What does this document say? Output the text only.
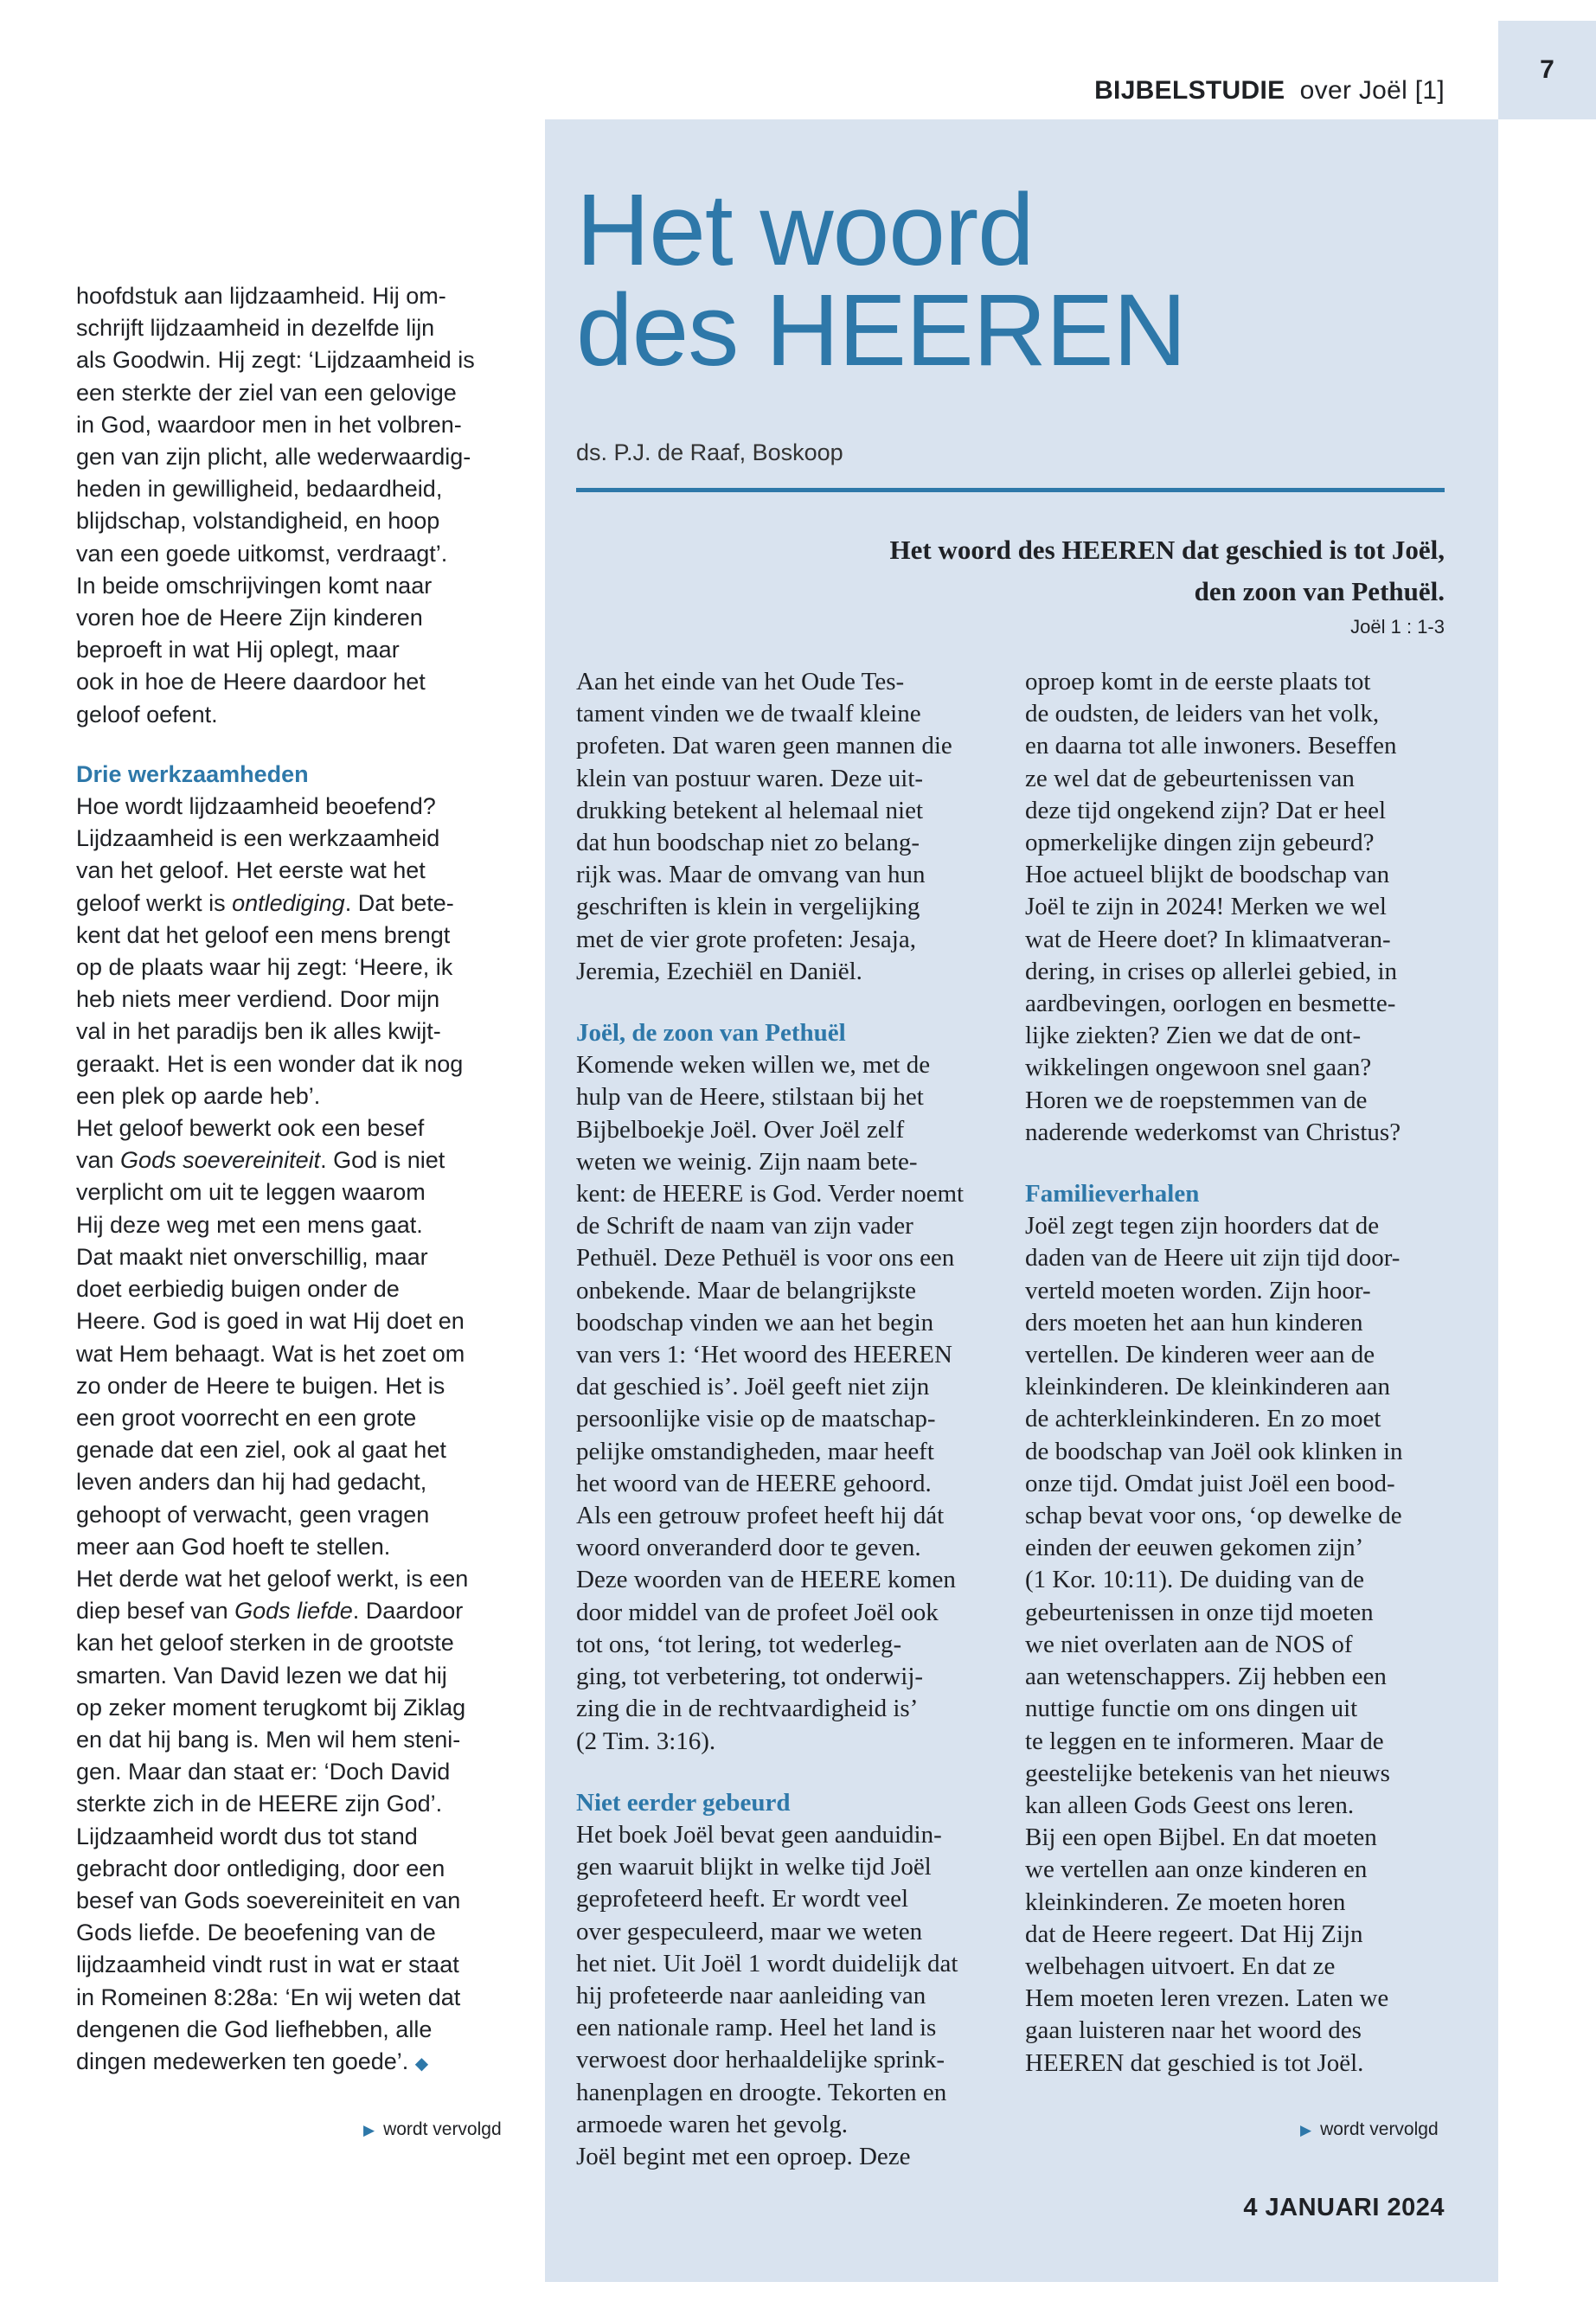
7
BIJBELSTUDIE over Joël [1]

hoofdstuk aan lijdzaamheid. Hij om-
schrijft lijdzaamheid in dezelfde lijn
als Goodwin. Hij zegt: ‘Lijdzaamheid is
een sterkte der ziel van een gelovige
in God, waardoor men in het volbren-
gen van zijn plicht, alle wederwaardig-
heden in gewilligheid, bedaardheid,
blijdschap, volstandigheid, en hoop
van een goede uitkomst, verdraagt’.
In beide omschrijvingen komt naar
voren hoe de Heere Zijn kinderen
beproeft in wat Hij oplegt, maar
ook in hoe de Heere daardoor het
geloof oefent.

Drie werkzaamheden

Hoe wordt lijdzaamheid beoefend?
Lijdzaamheid is een werkzaamheid
van het geloof. Het eerste wat het
geloof werkt is ontlediging. Dat bete-
kent dat het geloof een mens brengt
op de plaats waar hij zegt: ‘Heere, ik
heb niets meer verdiend. Door mijn
val in het paradijs ben ik alles kwijt-
geraakt. Het is een wonder dat ik nog
een plek op aarde heb’.

Het geloof bewerkt ook een besef
van Gods soevereiniteit. God is niet
verplicht om uit te leggen waarom
Hij deze weg met een mens gaat.
Dat maakt niet onverschillig, maar
doet eerbiedig buigen onder de
Heere. God is goed in wat Hij doet en
wat Hem behaagt. Wat is het zoet om
zo onder de Heere te buigen. Het is
een groot voorrecht en een grote
genade dat een ziel, ook al gaat het
leven anders dan hij had gedacht,
gehoopt of verwacht, geen vragen
meer aan God hoeft te stellen.

Het derde wat het geloof werkt, is een
diep besef van Gods liefde. Daardoor
kan het geloof sterken in de grootste
smarten. Van David lezen we dat hij
op zeker moment terugkomt bij Ziklag
en dat hij bang is. Men wil hem steni-
gen. Maar dan staat er: ‘Doch David
sterkte zich in de HEERE zijn God’.
Lijdzaamheid wordt dus tot stand
gebracht door ontlediging, door een
besef van Gods soevereiniteit en van
Gods liefde. De beoefening van de
lijdzaamheid vindt rust in wat er staat
in Romeinen 8:28a: ‘En wij weten dat
dengenen die God liefhebben, alle
dingen medewerken ten goede’. ◆

▶ wordt vervolgd
Het woord
des HEEREN
ds. P.J. de Raaf, Boskoop
Het woord des HEEREN dat geschied is tot Joël,
den zoon van Pethuël.
Joël 1 : 1-3

Aan het einde van het Oude Tes-
tament vinden we de twaalf kleine
profeten. Dat waren geen mannen die
klein van postuur waren. Deze uit-
drukking betekent al helemaal niet
dat hun boodschap niet zo belang-
rijk was. Maar de omvang van hun
geschriften is klein in vergelijking
met de vier grote profeten: Jesaja,
Jeremia, Ezechiël en Daniël.

Joël, de zoon van Pethuël

Komende weken willen we, met de
hulp van de Heere, stilstaan bij het
Bijbelboekje Joël. Over Joël zelf
weten we weinig. Zijn naam bete-
kent: de HEERE is God. Verder noemt
de Schrift de naam van zijn vader
Pethuël. Deze Pethuël is voor ons een
onbekende. Maar de belangrijkste
boodschap vinden we aan het begin
van vers 1: ‘Het woord des HEEREN
dat geschied is’. Joël geeft niet zijn
persoonlijke visie op de maatschap-
pelijke omstandigheden, maar heeft
het woord van de HEERE gehoord.
Als een getrouw profeet heeft hij dát
woord onveranderd door te geven.
Deze woorden van de HEERE komen
door middel van de profeet Joël ook
tot ons, ‘tot lering, tot wederleg-
ging, tot verbetering, tot onderwij-
zing die in de rechtvaardigheid is’
(2 Tim. 3:16).

Niet eerder gebeurd

Het boek Joël bevat geen aanduidin-
gen waaruit blijkt in welke tijd Joël
geprofeteerd heeft. Er wordt veel
over gespeculeerd, maar we weten
het niet. Uit Joël 1 wordt duidelijk dat
hij profeteerde naar aanleiding van
een nationale ramp. Heel het land is
verwoest door herhaaldelijke sprink-
hanenplagen en droogte. Tekorten en
armoede waren het gevolg.
Joël begint met een oproep. Deze

oproep komt in de eerste plaats tot
de oudsten, de leiders van het volk,
en daarna tot alle inwoners. Beseffen
ze wel dat de gebeurtenissen van
deze tijd ongekend zijn? Dat er heel
opmerkelijke dingen zijn gebeurd?
Hoe actueel blijkt de boodschap van
Joël te zijn in 2024! Merken we wel
wat de Heere doet? In klimaatveran-
dering, in crises op allerlei gebied, in
aardbevingen, oorlogen en besmette-
lijke ziekten? Zien we dat de ont-
wikkelingen ongewoon snel gaan?
Horen we de roepstemmen van de
naderende wederkomst van Christus?

Familieverhalen

Joël zegt tegen zijn hoorders dat de
daden van de Heere uit zijn tijd door-
verteld moeten worden. Zijn hoor-
ders moeten het aan hun kinderen
vertellen. De kinderen weer aan de
kleinkinderen. De kleinkinderen aan
de achterkleinkinderen. En zo moet
de boodschap van Joël ook klinken in
onze tijd. Omdat juist Joël een bood-
schap bevat voor ons, ‘op dewelke de
einden der eeuwen gekomen zijn’
(1 Kor. 10:11). De duiding van de
gebeurtenissen in onze tijd moeten
we niet overlaten aan de NOS of
aan wetenschappers. Zij hebben een
nuttige functie om ons dingen uit
te leggen en te informeren. Maar de
geestelijke betekenis van het nieuws
kan alleen Gods Geest ons leren.
Bij een open Bijbel. En dat moeten
we vertellen aan onze kinderen en
kleinkinderen. Ze moeten horen
dat de Heere regeert. Dat Hij Zijn
welbehagen uitvoert. En dat ze
Hem moeten leren vrezen. Laten we
gaan luisteren naar het woord des
HEEREN dat geschied is tot Joël.

▶ wordt vervolgd
4 JANUARI 2024
